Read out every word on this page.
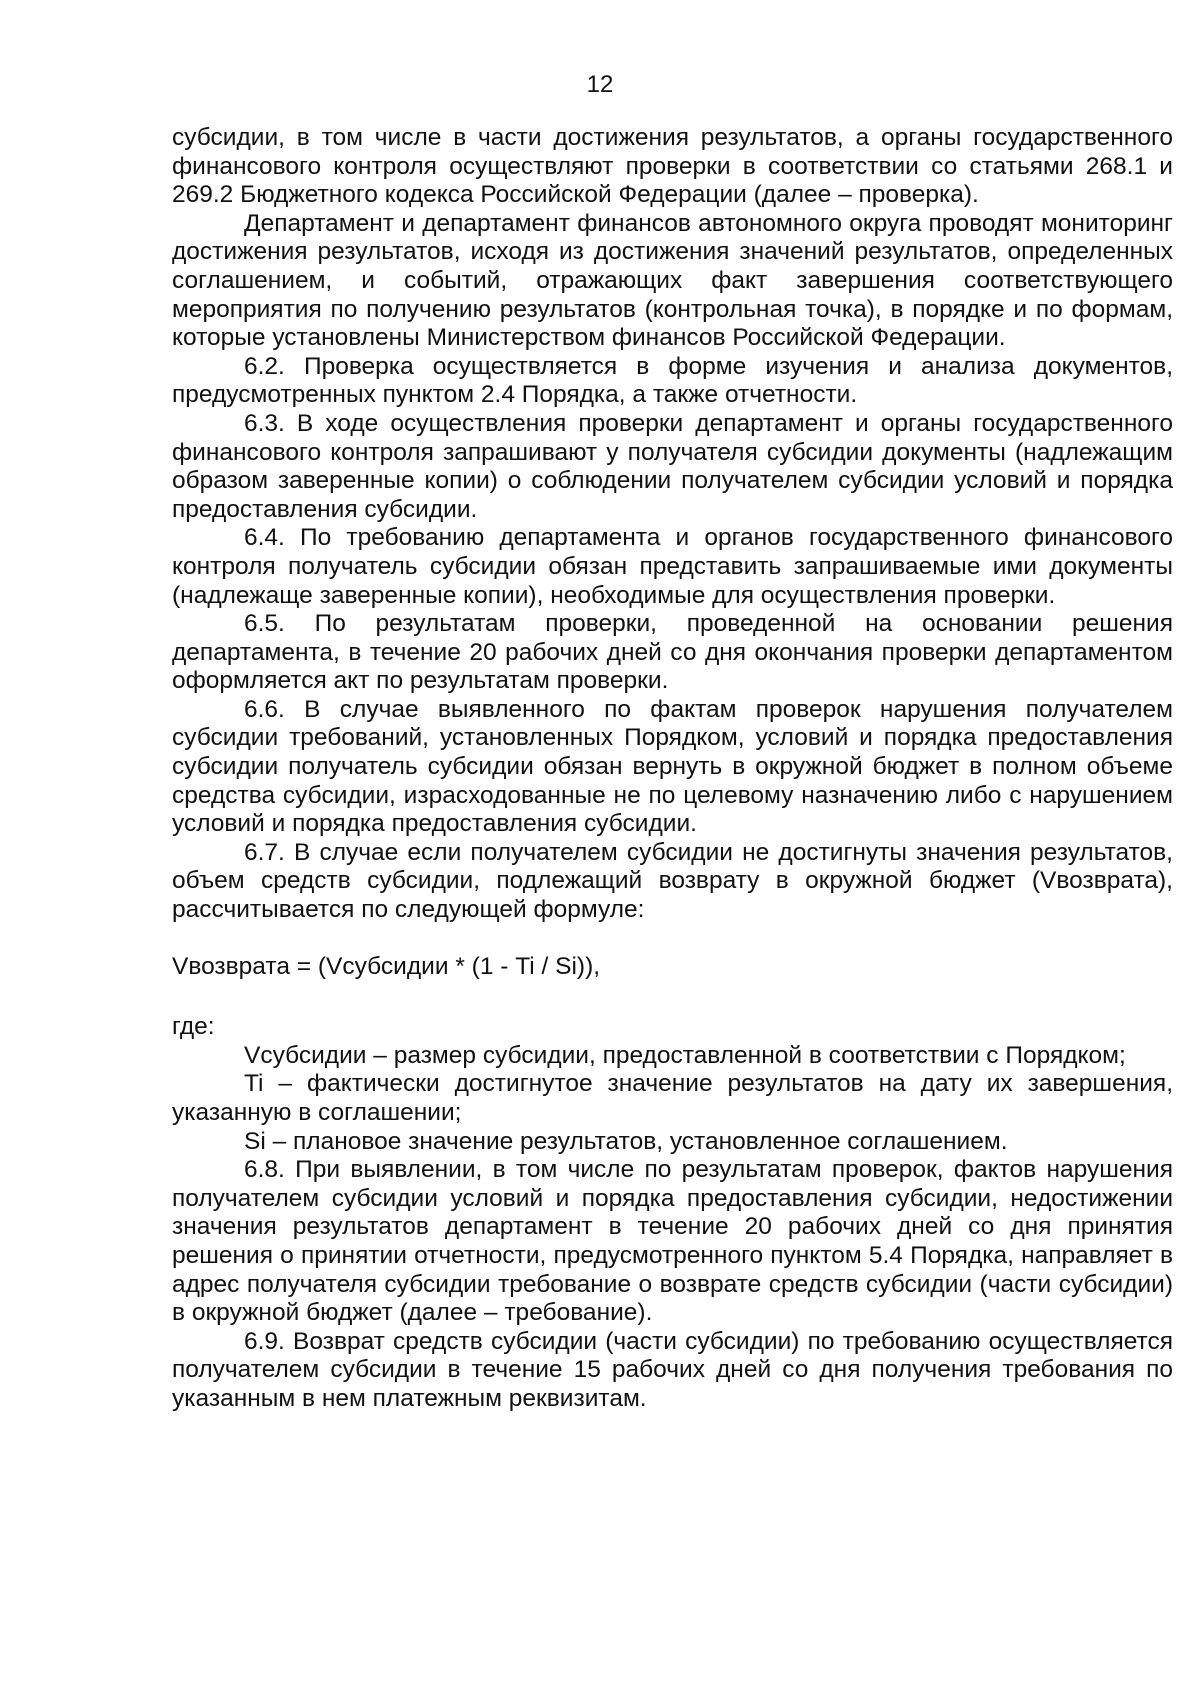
12

субсидии, в том числе в части достижения результатов, а органы государственного финансового контроля осуществляют проверки в соответствии со статьями 268.1 и 269.2 Бюджетного кодекса Российской Федерации (далее – проверка).

Департамент и департамент финансов автономного округа проводят мониторинг достижения результатов, исходя из достижения значений результатов, определенных соглашением, и событий, отражающих факт завершения соответствующего мероприятия по получению результатов (контрольная точка), в порядке и по формам, которые установлены Министерством финансов Российской Федерации.

6.2. Проверка осуществляется в форме изучения и анализа документов, предусмотренных пунктом 2.4 Порядка, а также отчетности.

6.3. В ходе осуществления проверки департамент и органы государственного финансового контроля запрашивают у получателя субсидии документы (надлежащим образом заверенные копии) о соблюдении получателем субсидии условий и порядка предоставления субсидии.

6.4. По требованию департамента и органов государственного финансового контроля получатель субсидии обязан представить запрашиваемые ими документы (надлежаще заверенные копии), необходимые для осуществления проверки.

6.5. По результатам проверки, проведенной на основании решения департамента, в течение 20 рабочих дней со дня окончания проверки департаментом оформляется акт по результатам проверки.

6.6. В случае выявленного по фактам проверок нарушения получателем субсидии требований, установленных Порядком, условий и порядка предоставления субсидии получатель субсидии обязан вернуть в окружной бюджет в полном объеме средства субсидии, израсходованные не по целевому назначению либо с нарушением условий и порядка предоставления субсидии.

6.7. В случае если получателем субсидии не достигнуты значения результатов, объем средств субсидии, подлежащий возврату в окружной бюджет (Vвозврата), рассчитывается по следующей формуле:

Vвозврата = (Vсубсидии * (1 - Ti / Si)),

где:

Vсубсидии – размер субсидии, предоставленной в соответствии с Порядком;

Ti – фактически достигнутое значение результатов на дату их завершения, указанную в соглашении;

Si – плановое значение результатов, установленное соглашением.

6.8. При выявлении, в том числе по результатам проверок, фактов нарушения получателем субсидии условий и порядка предоставления субсидии, недостижении значения результатов департамент в течение 20 рабочих дней со дня принятия решения о принятии отчетности, предусмотренного пунктом 5.4 Порядка, направляет в адрес получателя субсидии требование о возврате средств субсидии (части субсидии) в окружной бюджет (далее – требование).

6.9. Возврат средств субсидии (части субсидии) по требованию осуществляется получателем субсидии в течение 15 рабочих дней со дня получения требования по указанным в нем платежным реквизитам.
